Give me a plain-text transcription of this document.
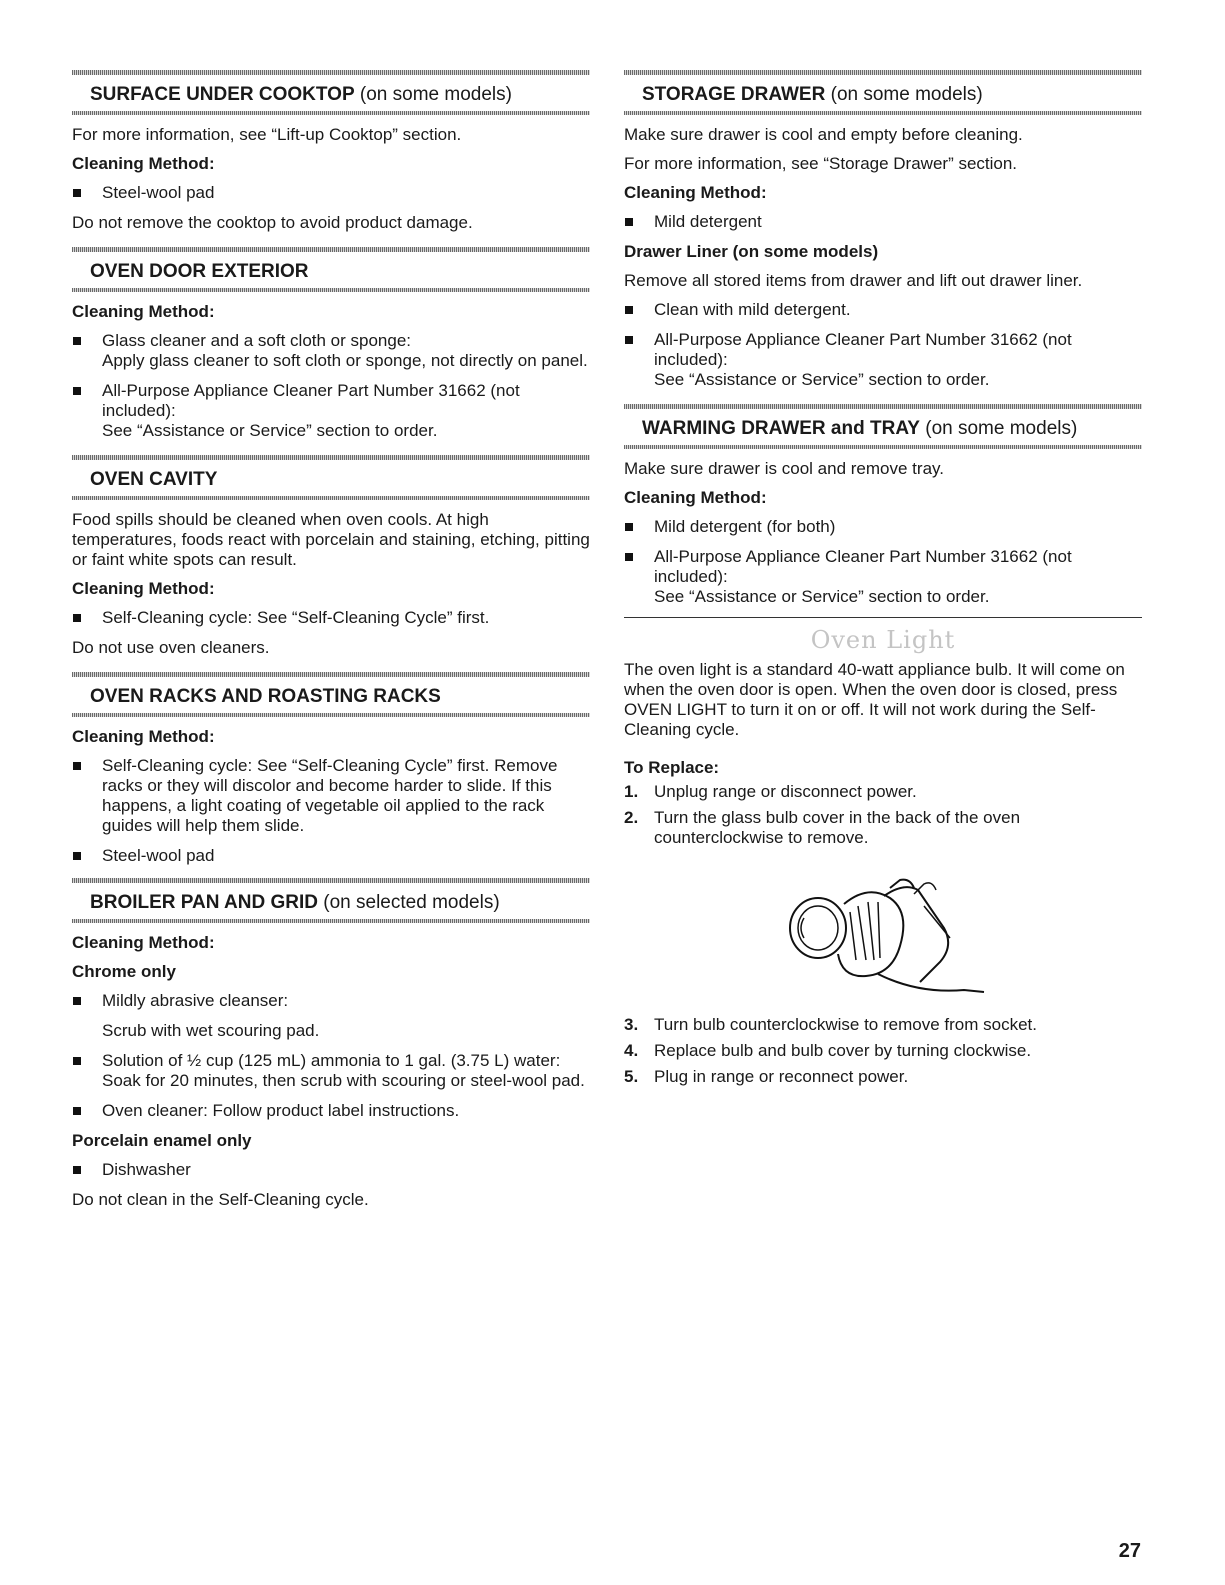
SURFACE UNDER COOKTOP (on some models)

For more information, see “Lift-up Cooktop” section.

Cleaning Method:
Steel-wool pad

Do not remove the cooktop to avoid product damage.

OVEN DOOR EXTERIOR
Cleaning Method:
Glass cleaner and a soft cloth or sponge:
Apply glass cleaner to soft cloth or sponge, not directly on panel.
All-Purpose Appliance Cleaner Part Number 31662 (not included):
See “Assistance or Service” section to order.
OVEN CAVITY

Food spills should be cleaned when oven cools. At high temperatures, foods react with porcelain and staining, etching, pitting or faint white spots can result.

Cleaning Method:
Self-Cleaning cycle: See “Self-Cleaning Cycle” first.

Do not use oven cleaners.

OVEN RACKS AND ROASTING RACKS
Cleaning Method:
Self-Cleaning cycle: See “Self-Cleaning Cycle” first. Remove racks or they will discolor and become harder to slide. If this happens, a light coating of vegetable oil applied to the rack guides will help them slide.
Steel-wool pad
BROILER PAN AND GRID (on selected models)
Cleaning Method:
Chrome only
Mildly abrasive cleanser:
Scrub with wet scouring pad.
Solution of ½ cup (125 mL) ammonia to 1 gal. (3.75 L) water:
Soak for 20 minutes, then scrub with scouring or steel-wool pad.
Oven cleaner: Follow product label instructions.
Porcelain enamel only
Dishwasher

Do not clean in the Self-Cleaning cycle.

STORAGE DRAWER (on some models)

Make sure drawer is cool and empty before cleaning.

For more information, see “Storage Drawer” section.

Cleaning Method:
Mild detergent
Drawer Liner (on some models)

Remove all stored items from drawer and lift out drawer liner.

Clean with mild detergent.
All-Purpose Appliance Cleaner Part Number 31662 (not included):
See “Assistance or Service” section to order.
WARMING DRAWER and TRAY (on some models)

Make sure drawer is cool and remove tray.

Cleaning Method:
Mild detergent (for both)
All-Purpose Appliance Cleaner Part Number 31662 (not included):
See “Assistance or Service” section to order.
Oven Light

The oven light is a standard 40-watt appliance bulb. It will come on when the oven door is open. When the oven door is closed, press OVEN LIGHT to turn it on or off. It will not work during the Self-Cleaning cycle.

To Replace:
1. Unplug range or disconnect power.
2. Turn the glass bulb cover in the back of the oven counterclockwise to remove.
3. Turn bulb counterclockwise to remove from socket.
4. Replace bulb and bulb cover by turning clockwise.
5. Plug in range or reconnect power.
27
